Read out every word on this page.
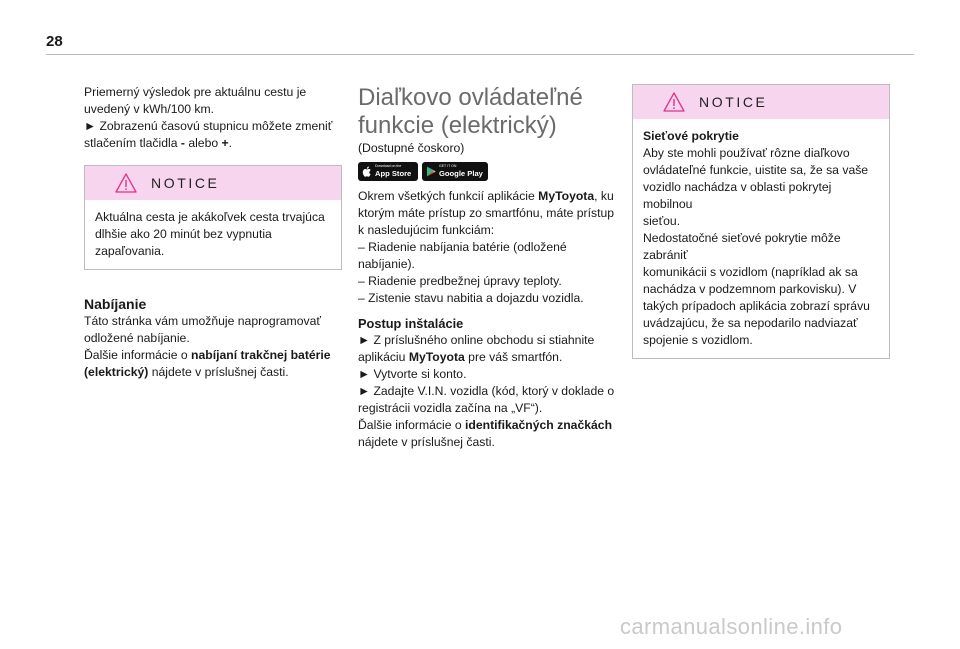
28

Priemerný výsledok pre aktuálnu cestu je

uvedený v kWh/100 km.

► Zobrazenú časovú stupnicu môžete zmeniť

stlačením tlačidla - alebo +.

NOTICE

Aktuálna cesta je akákoľvek cesta trvajúca

dlhšie ako 20 minút bez vypnutia

zapaľovania.

Nabíjanie

Táto stránka vám umožňuje naprogramovať

odložené nabíjanie.

Ďalšie informácie o nabíjaní trakčnej batérie

(elektrický) nájdete v príslušnej časti.

Diaľkovo ovládateľné
funkcie (elektrický)

(Dostupné čoskoro)

Download on the
App Store
GET IT ON
Google Play

Okrem všetkých funkcií aplikácie MyToyota, ku

ktorým máte prístup zo smartfónu, máte prístup

k nasledujúcim funkciám:

– Riadenie nabíjania batérie (odložené

nabíjanie).

– Riadenie predbežnej úpravy teploty.

– Zistenie stavu nabitia a dojazdu vozidla.

Postup inštalácie

► Z príslušného online obchodu si stiahnite

aplikáciu MyToyota pre váš smartfón.

► Vytvorte si konto.

► Zadajte V.I.N. vozidla (kód, ktorý v doklade o

registrácii vozidla začína na „VF“).

Ďalšie informácie o identifikačných značkách

nájdete v príslušnej časti.

NOTICE

Sieťové pokrytie

Aby ste mohli používať rôzne diaľkovo

ovládateľné funkcie, uistite sa, že sa vaše

vozidlo nachádza v oblasti pokrytej mobilnou

sieťou.

Nedostatočné sieťové pokrytie môže zabrániť

komunikácii s vozidlom (napríklad ak sa

nachádza v podzemnom parkovisku). V

takých prípadoch aplikácia zobrazí správu

uvádzajúcu, že sa nepodarilo nadviazať

spojenie s vozidlom.

carmanualsonline.info
